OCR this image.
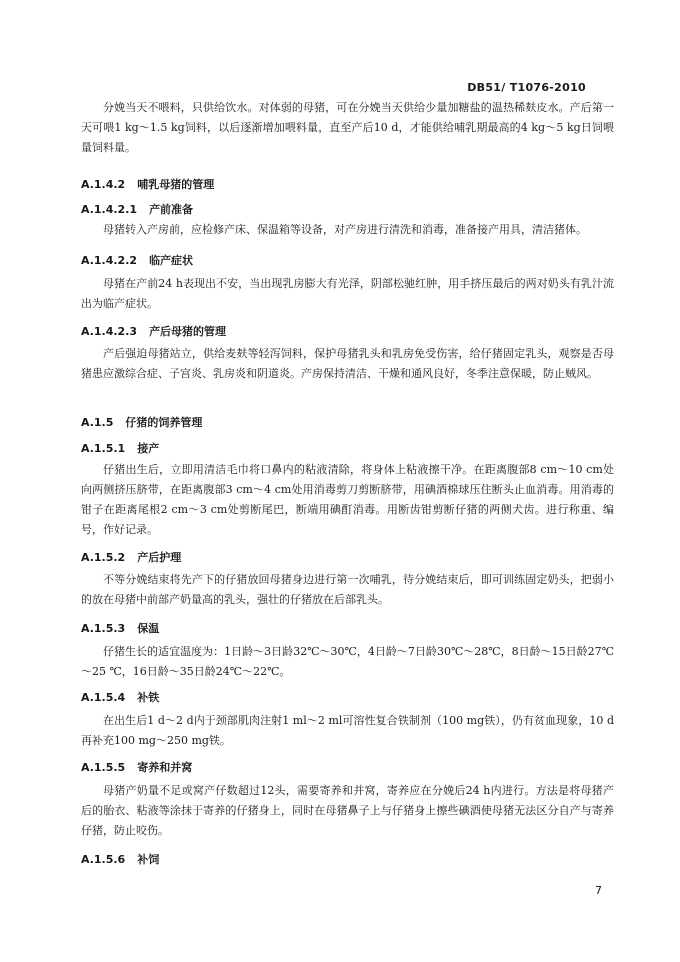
DB51/ T1076-2010

分娩当天不喂料，只供给饮水。对体弱的母猪，可在分娩当天供给少量加糖盐的温热稀麸皮水。产后第一天可喂1 kg～1.5 kg饲料，以后逐渐增加喂料量，直至产后10 d，才能供给哺乳期最高的4 kg～5 kg日饲喂量饲料量。

A.1.4.2 哺乳母猪的管理
A.1.4.2.1 产前准备

母猪转入产房前，应检修产床、保温箱等设备，对产房进行清洗和消毒，准备接产用具，清洁猪体。

A.1.4.2.2 临产症状

母猪在产前24 h表现出不安，当出现乳房膨大有光泽，阴部松驰红肿，用手挤压最后的两对奶头有乳汁流出为临产症状。

A.1.4.2.3 产后母猪的管理

产后强迫母猪站立，供给麦麸等轻泻饲料，保护母猪乳头和乳房免受伤害，给仔猪固定乳头，观察是否母猪患应激综合症、子宫炎、乳房炎和阴道炎。产房保持清洁、干燥和通风良好，冬季注意保暖，防止贼风。

A.1.5 仔猪的饲养管理
A.1.5.1 接产

仔猪出生后，立即用清洁毛巾将口鼻内的粘液清除，将身体上粘液擦干净。在距离腹部8 cm～10 cm处向两侧挤压脐带，在距离腹部3 cm～4 cm处用消毒剪刀剪断脐带，用碘酒棉球压住断头止血消毒。用消毒的钳子在距离尾根2 cm～3 cm处剪断尾巴，断端用碘酊消毒。用断齿钳剪断仔猪的两侧犬齿。进行称重、编号，作好记录。

A.1.5.2 产后护理

不等分娩结束将先产下的仔猪放回母猪身边进行第一次哺乳，待分娩结束后，即可训练固定奶头，把弱小的放在母猪中前部产奶量高的乳头，强壮的仔猪放在后部乳头。

A.1.5.3 保温

仔猪生长的适宜温度为：1日龄～3日龄32℃～30℃，4日龄～7日龄30℃～28℃，8日龄～15日龄27℃～25 ℃，16日龄～35日龄24℃～22℃。

A.1.5.4 补铁

在出生后1 d～2 d内于颈部肌肉注射1 ml～2 ml可溶性复合铁制剂（100 mg铁），仍有贫血现象，10 d再补充100 mg～250 mg铁。

A.1.5.5 寄养和并窝

母猪产奶量不足或窝产仔数超过12头，需要寄养和并窝，寄养应在分娩后24 h内进行。方法是将母猪产后的胎衣、粘液等涂抹于寄养的仔猪身上，同时在母猪鼻子上与仔猪身上擦些碘酒使母猪无法区分自产与寄养仔猪，防止咬伤。

A.1.5.6 补饲
7
